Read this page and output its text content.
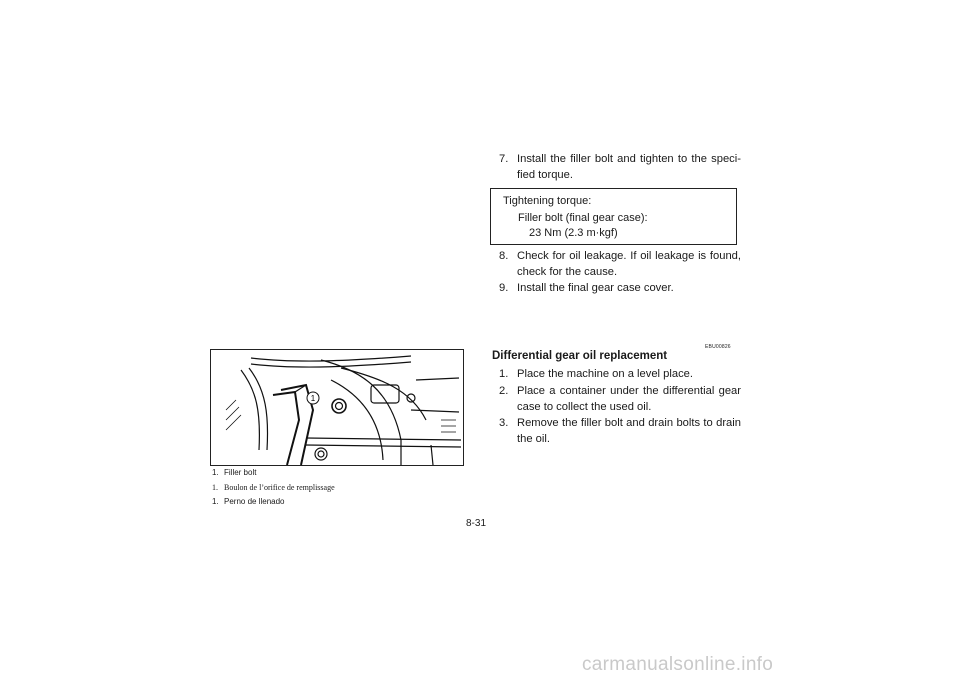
1
1. Filler bolt
1. Boulon de l’orifice de remplissage
1. Perno de llenado
8-31
7. Install the filler bolt and tighten to the speci-fied torque.
Tightening torque:
Filler bolt (final gear case):
23 Nm (2.3 m·kgf)
8. Check for oil leakage. If oil leakage is found, check for the cause.
9. Install the final gear case cover.
EBU00826
Differential gear oil replacement
1. Place the machine on a level place.
2. Place a container under the differential gear case to collect the used oil.
3. Remove the filler bolt and drain bolts to drain the oil.
carmanualsonline.info
